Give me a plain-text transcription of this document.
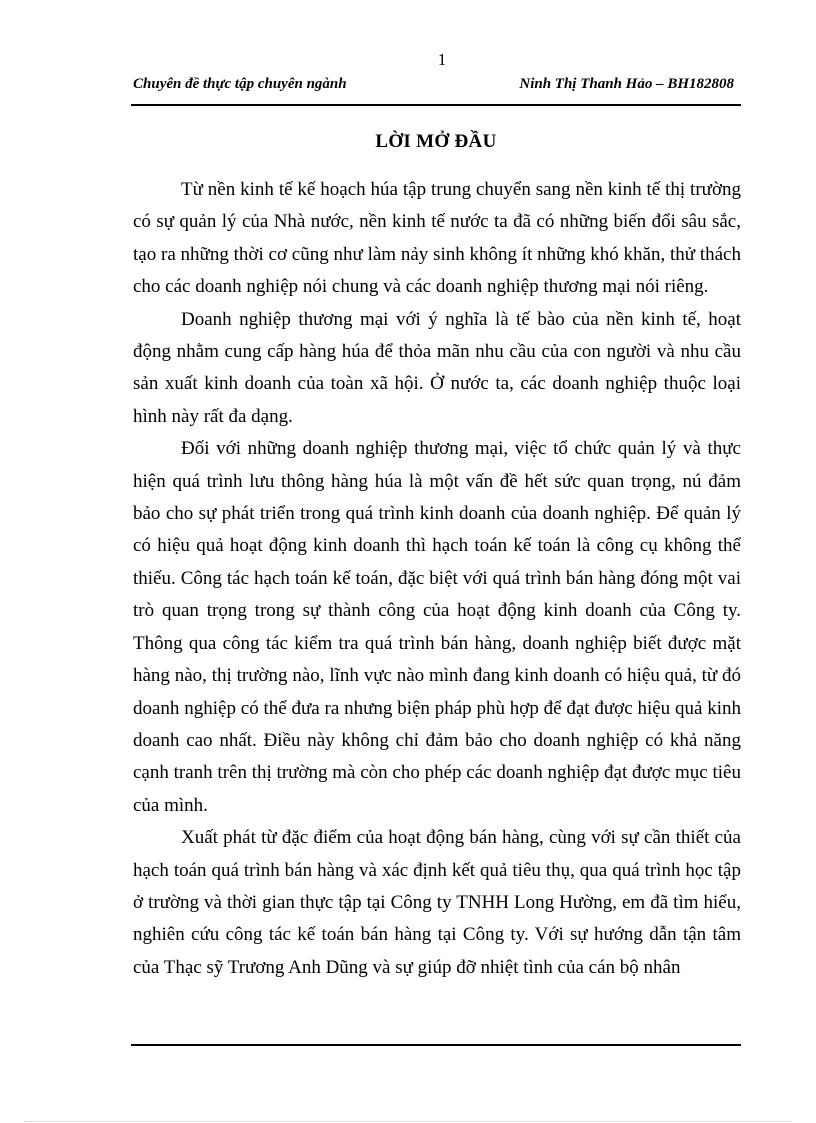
1
Chuyên đề thực tập chuyên ngành	Ninh Thị Thanh Hảo – BH182808
LỜI MỞ ĐẦU

Từ nền kinh tế kế hoạch húa tập trung chuyển sang nền kinh tế thị trường có sự quản lý của Nhà nước, nền kinh tế nước ta đã có những biến đổi sâu sắc, tạo ra những thời cơ cũng như làm nảy sinh không ít những khó khăn, thử thách cho các doanh nghiệp nói chung và các doanh nghiệp thương mại nói riêng.

Doanh nghiệp thương mại với ý nghĩa là tế bào của nền kinh tế, hoạt động nhằm cung cấp hàng húa để thỏa mãn nhu cầu của con người và nhu cầu sản xuất kinh doanh của toàn xã hội. Ở nước ta, các doanh nghiệp thuộc loại hình này rất đa dạng.

Đối với những doanh nghiệp thương mại, việc tổ chức quản lý và thực hiện quá trình lưu thông hàng húa là một vấn đề hết sức quan trọng, nú đảm bảo cho sự phát triển trong quá trình kinh doanh của doanh nghiệp. Để quản lý có hiệu quả hoạt động kinh doanh thì hạch toán kế toán là công cụ không thể thiếu. Công tác hạch toán kế toán, đặc biệt với quá trình bán hàng đóng một vai trò quan trọng trong sự thành công của hoạt động kinh doanh của Công ty. Thông qua công tác kiểm tra quá trình bán hàng, doanh nghiệp biết được mặt hàng nào, thị trường nào, lĩnh vực nào mình đang kinh doanh có hiệu quả, từ đó doanh nghiệp có thể đưa ra nhưng biện pháp phù hợp để đạt được hiệu quả kinh doanh cao nhất. Điều này không chỉ đảm bảo cho doanh nghiệp có khả năng cạnh tranh trên thị trường mà còn cho phép các doanh nghiệp đạt được mục tiêu của mình.

Xuất phát từ đặc điểm của hoạt động bán hàng, cùng với sự cần thiết của hạch toán quá trình bán hàng và xác định kết quả tiêu thụ, qua quá trình học tập ở trường và thời gian thực tập tại Công ty TNHH Long Hường, em đã tìm hiểu, nghiên cứu công tác kế toán bán hàng tại Công ty. Với sự hướng dẫn tận tâm của Thạc sỹ Trương Anh Dũng và sự giúp đỡ nhiệt tình của cán bộ nhân
